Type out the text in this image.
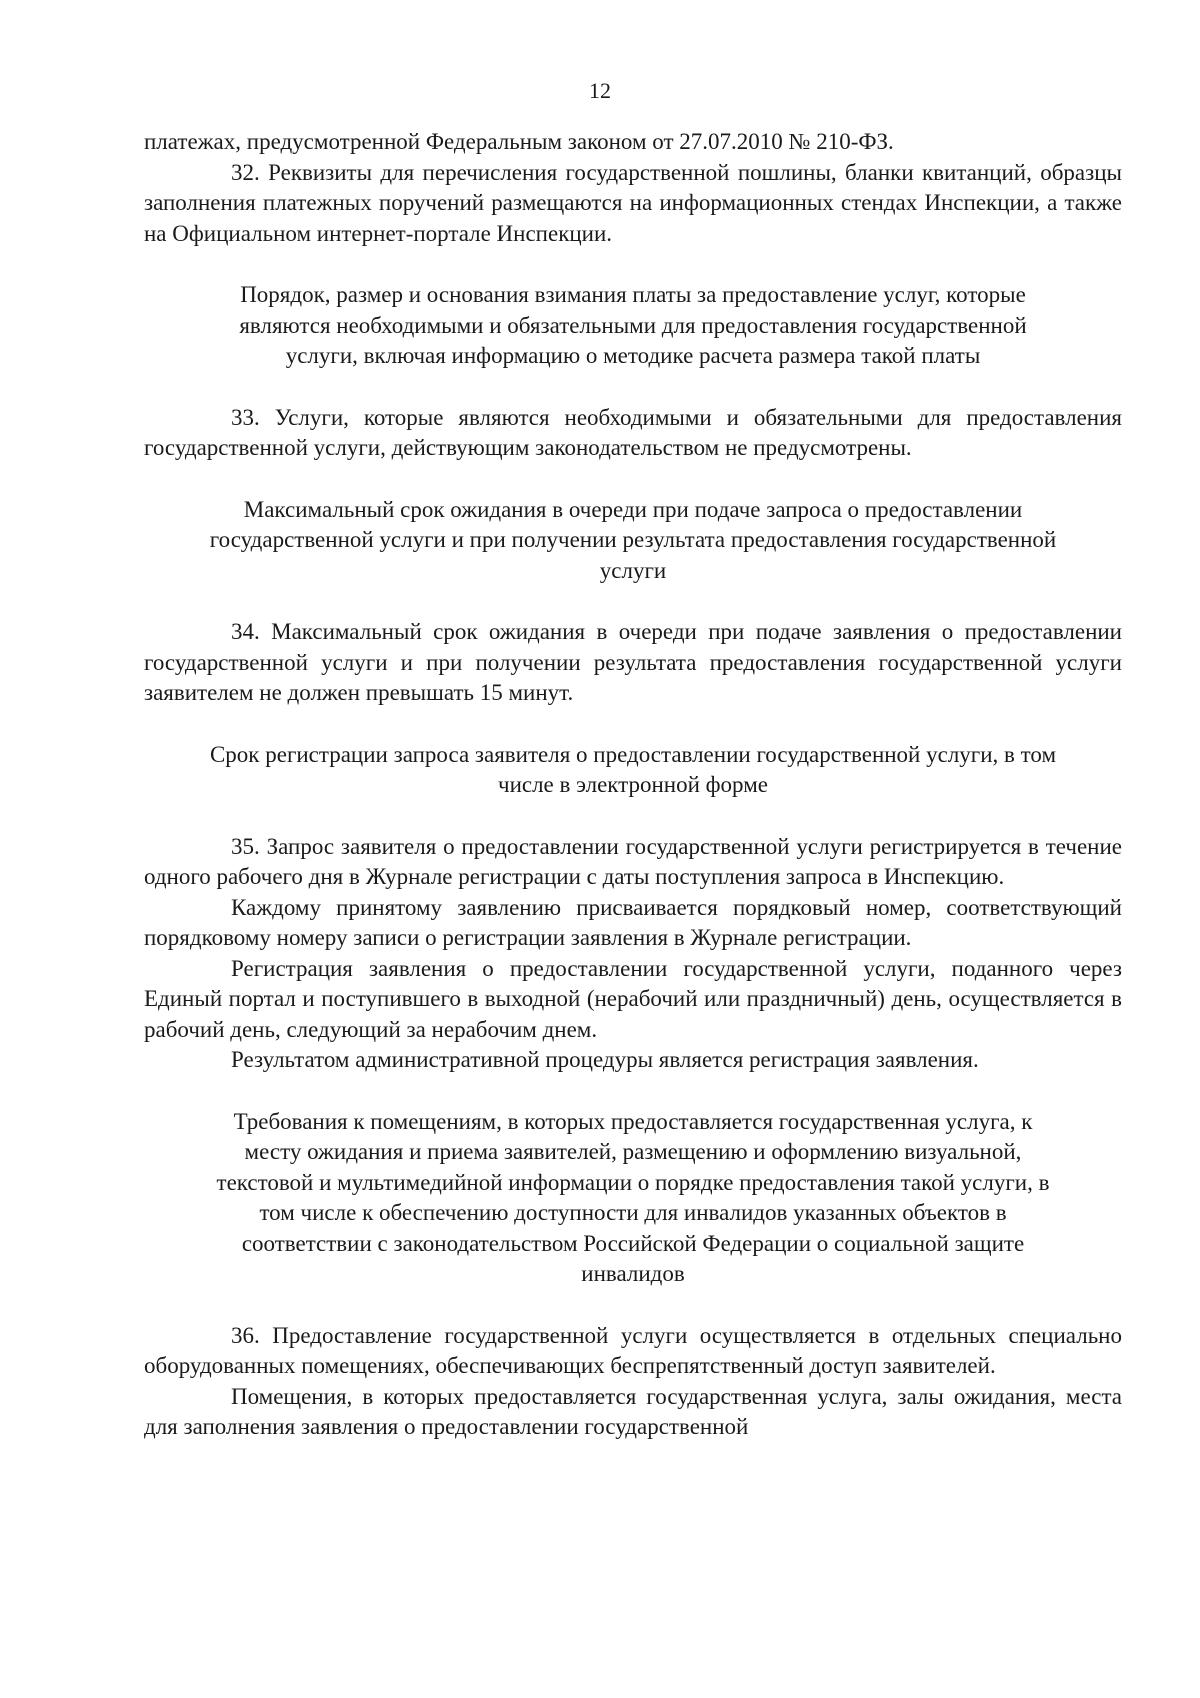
12

платежах, предусмотренной Федеральным законом от 27.07.2010 № 210-ФЗ.

32. Реквизиты для перечисления государственной пошлины, бланки квитанций, образцы заполнения платежных поручений размещаются на информационных стендах Инспекции, а также на Официальном интернет-портале Инспекции.

Порядок, размер и основания взимания платы за предоставление услуг, которые
являются необходимыми и обязательными для предоставления государственной
услуги, включая информацию о методике расчета размера такой платы

33. Услуги, которые являются необходимыми и обязательными для предоставления государственной услуги, действующим законодательством не предусмотрены.

Максимальный срок ожидания в очереди при подаче запроса о предоставлении
государственной услуги и при получении результата предоставления государственной
услуги

34. Максимальный срок ожидания в очереди при подаче заявления о предоставлении государственной услуги и при получении результата предоставления государственной услуги заявителем не должен превышать 15 минут.

Срок регистрации запроса заявителя о предоставлении государственной услуги, в том
числе в электронной форме

35. Запрос заявителя о предоставлении государственной услуги регистрируется в течение одного рабочего дня в Журнале регистрации с даты поступления запроса в Инспекцию.

Каждому принятому заявлению присваивается порядковый номер, соответствующий порядковому номеру записи о регистрации заявления в Журнале регистрации.

Регистрация заявления о предоставлении государственной услуги, поданного через Единый портал и поступившего в выходной (нерабочий или праздничный) день, осуществляется в рабочий день, следующий за нерабочим днем.

Результатом административной процедуры является регистрация заявления.

Требования к помещениям, в которых предоставляется государственная услуга, к
месту ожидания и приема заявителей, размещению и оформлению визуальной,
текстовой и мультимедийной информации о порядке предоставления такой услуги, в
том числе к обеспечению доступности для инвалидов указанных объектов в
соответствии с законодательством Российской Федерации о социальной защите
инвалидов

36. Предоставление государственной услуги осуществляется в отдельных специально оборудованных помещениях, обеспечивающих беспрепятственный доступ заявителей.

Помещения, в которых предоставляется государственная услуга, залы ожидания, места для заполнения заявления о предоставлении государственной
